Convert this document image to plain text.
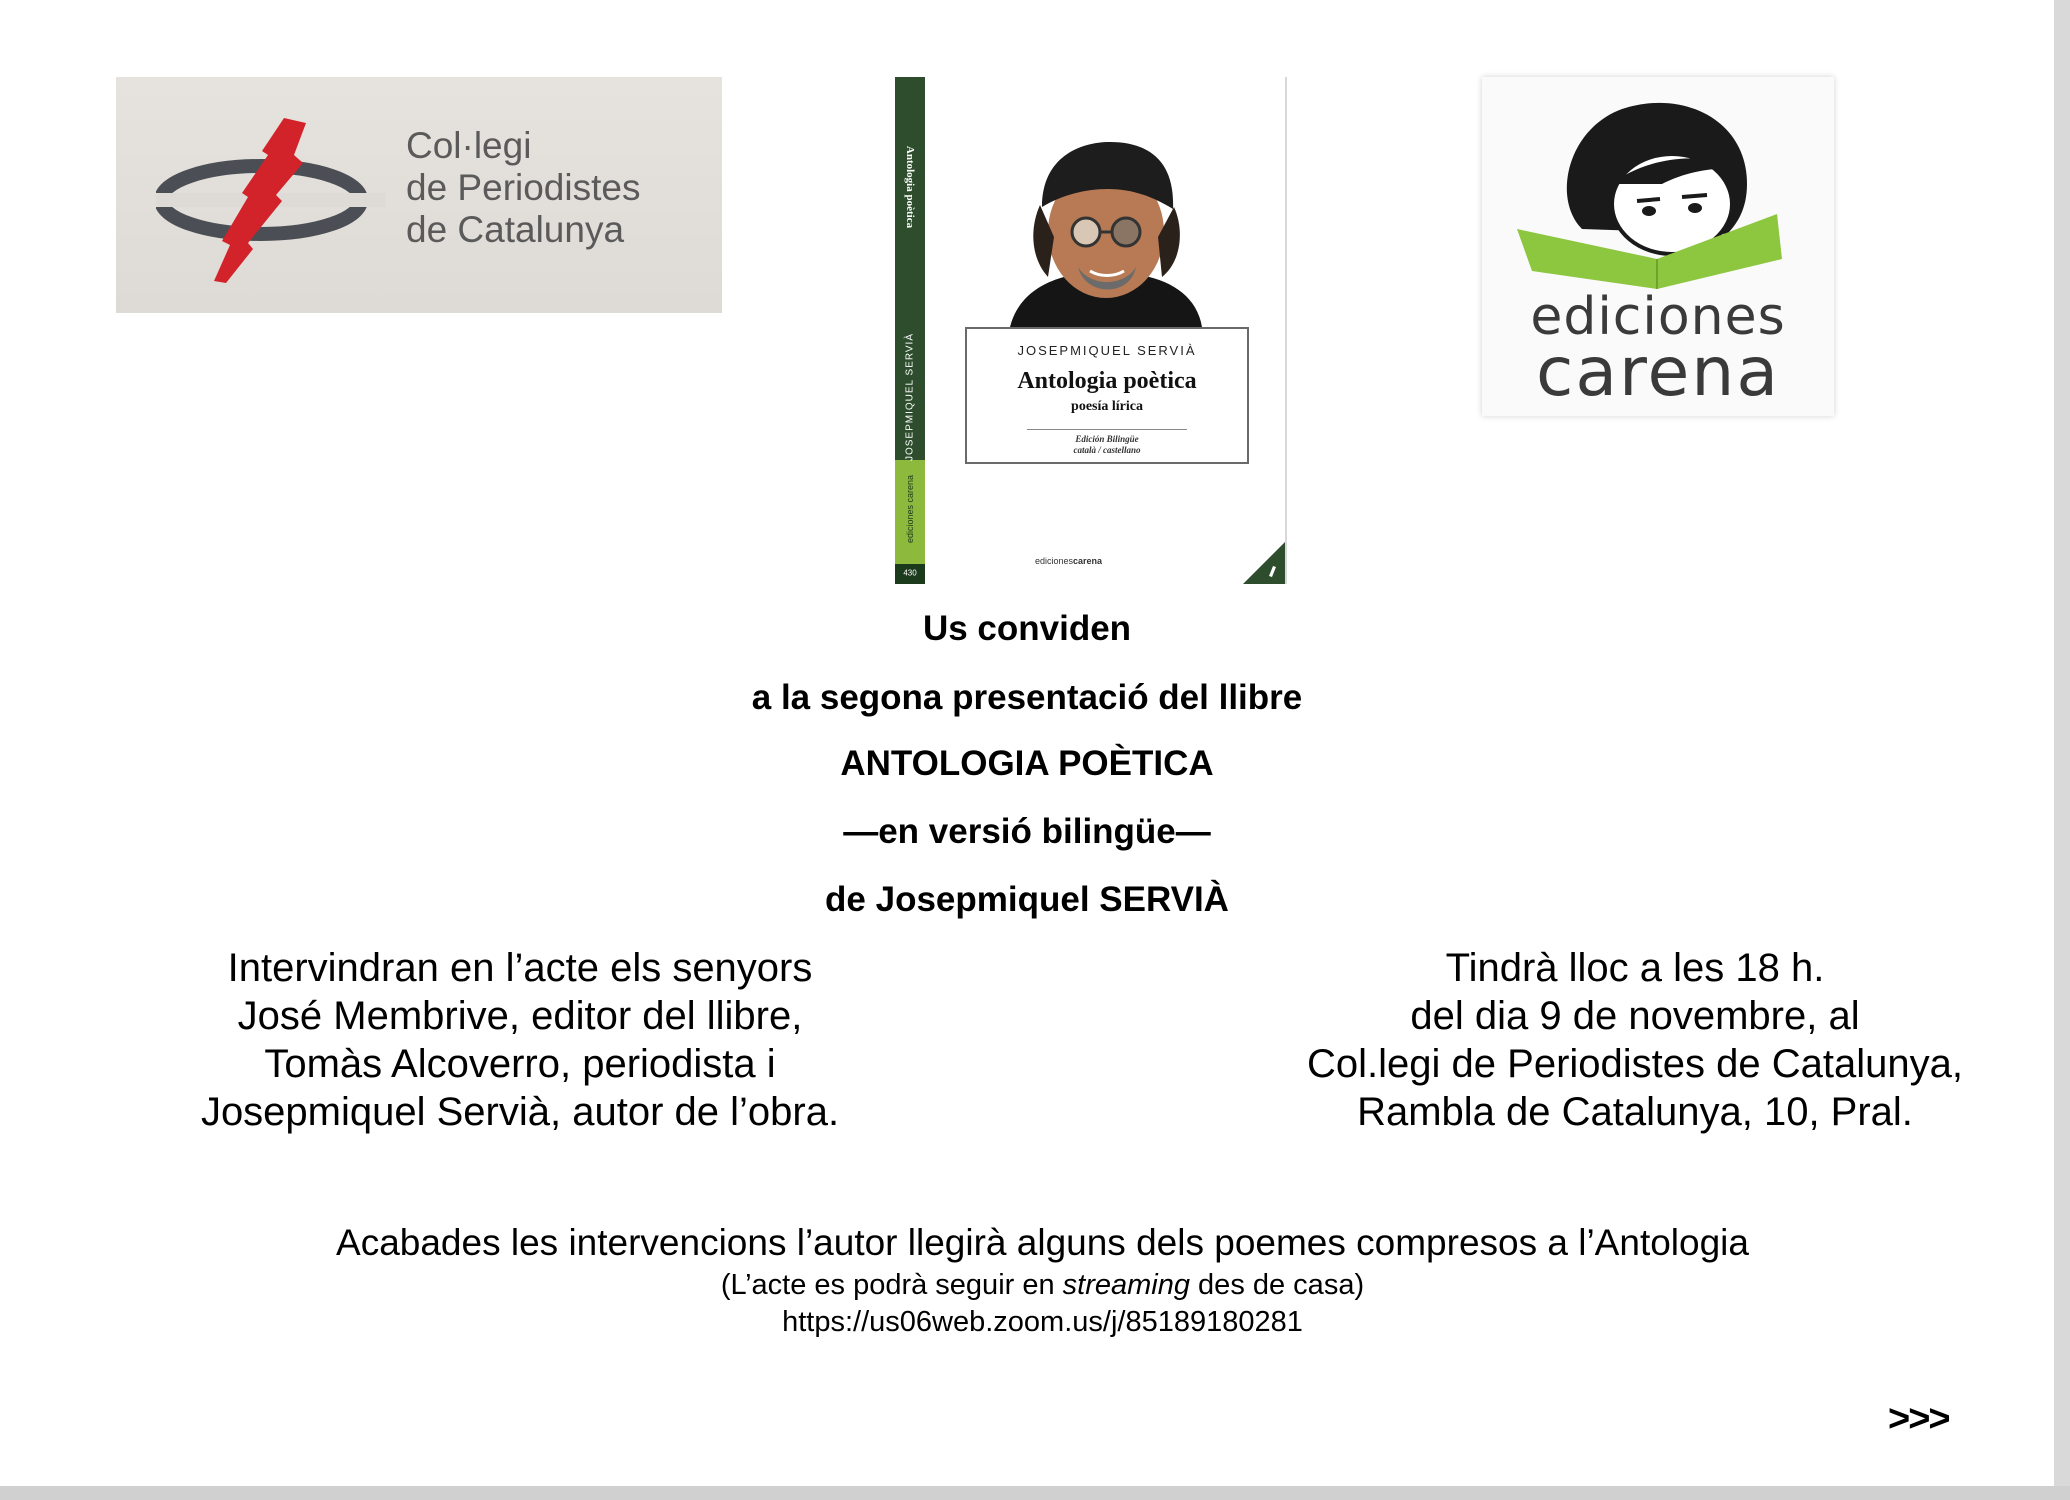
Col·legi
de Periodistes
de Catalunya
Antologia poètica
JOSEPMIQUEL SERVIÀ
ediciones carena
430
JOSEPMIQUEL SERVIÀ
Antologia poètica
poesía lírica
Edición Bilingüe
català / castellano
edicionescarena
ediciones
carena
Us conviden
a la segona presentació del llibre
ANTOLOGIA POÈTICA
—en versió bilingüe—
de Josepmiquel SERVIÀ
Intervindran en l’acte els senyors
José Membrive, editor del llibre,
Tomàs Alcoverro, periodista i
Josepmiquel Servià, autor de l’obra.
Tindrà lloc a les 18 h.
del dia 9 de novembre, al
Col.legi de Periodistes de Catalunya,
Rambla de Catalunya, 10, Pral.
Acabades les intervencions l’autor llegirà alguns dels poemes compresos a l’Antologia
(L’acte es podrà seguir en streaming des de casa)
https://us06web.zoom.us/j/85189180281
>>>
